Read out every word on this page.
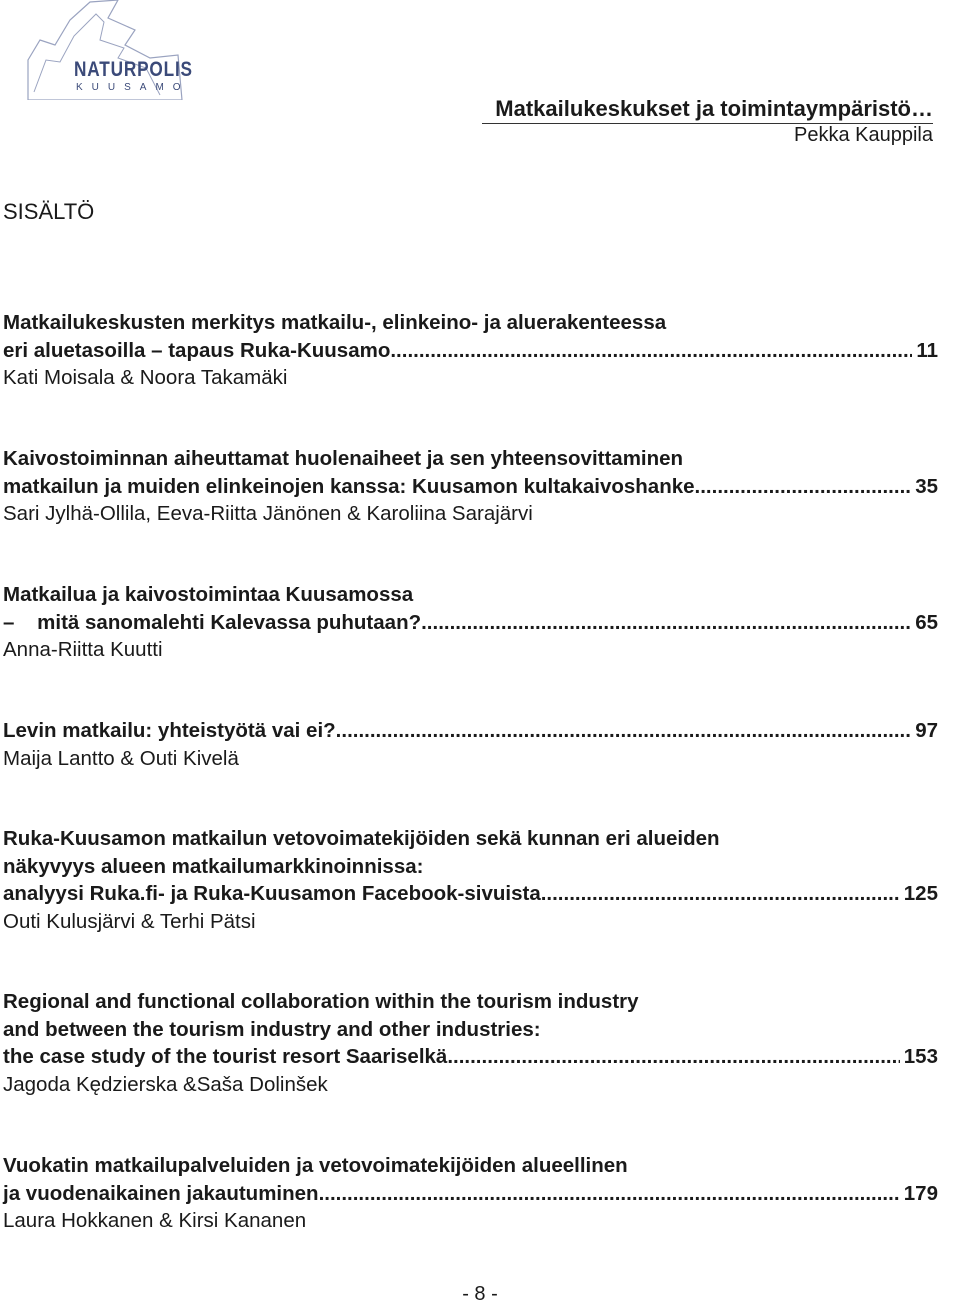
NATURPOLIS
KUUSAMO
Matkailukeskukset ja toimintaympäristö…
Pekka Kauppila
SISÄLTÖ
Matkailukeskusten merkitys matkailu-, elinkeino- ja aluerakenteessa
eri aluetasoilla – tapaus Ruka-Kuusamo .....	11
Kati Moisala & Noora Takamäki
Kaivostoiminnan aiheuttamat huolenaiheet ja sen yhteensovittaminen
matkailun ja muiden elinkeinojen kanssa: Kuusamon kultakaivoshanke .....	35
Sari Jylhä-Ollila, Eeva-Riitta Jänönen & Karoliina Sarajärvi
Matkailua ja kaivostoimintaa Kuusamossa
–    mitä sanomalehti Kalevassa puhutaan? .....	65
Anna-Riitta Kuutti
Levin matkailu: yhteistyötä vai ei? .....	97
Maija Lantto & Outi Kivelä
Ruka-Kuusamon matkailun vetovoimatekijöiden sekä kunnan eri alueiden
näkyvyys alueen matkailumarkkinoinnissa:
analyysi Ruka.fi- ja Ruka-Kuusamon Facebook-sivuista .....	125
Outi Kulusjärvi & Terhi Pätsi
Regional and functional collaboration within the tourism industry
and between the tourism industry and other industries:
the case study of the tourist resort Saariselkä .....	153
Jagoda Kędzierska &Saša Dolinšek
Vuokatin matkailupalveluiden ja vetovoimatekijöiden alueellinen
ja vuodenaikainen jakautuminen .....	179
Laura Hokkanen & Kirsi Kananen
- 8 -
